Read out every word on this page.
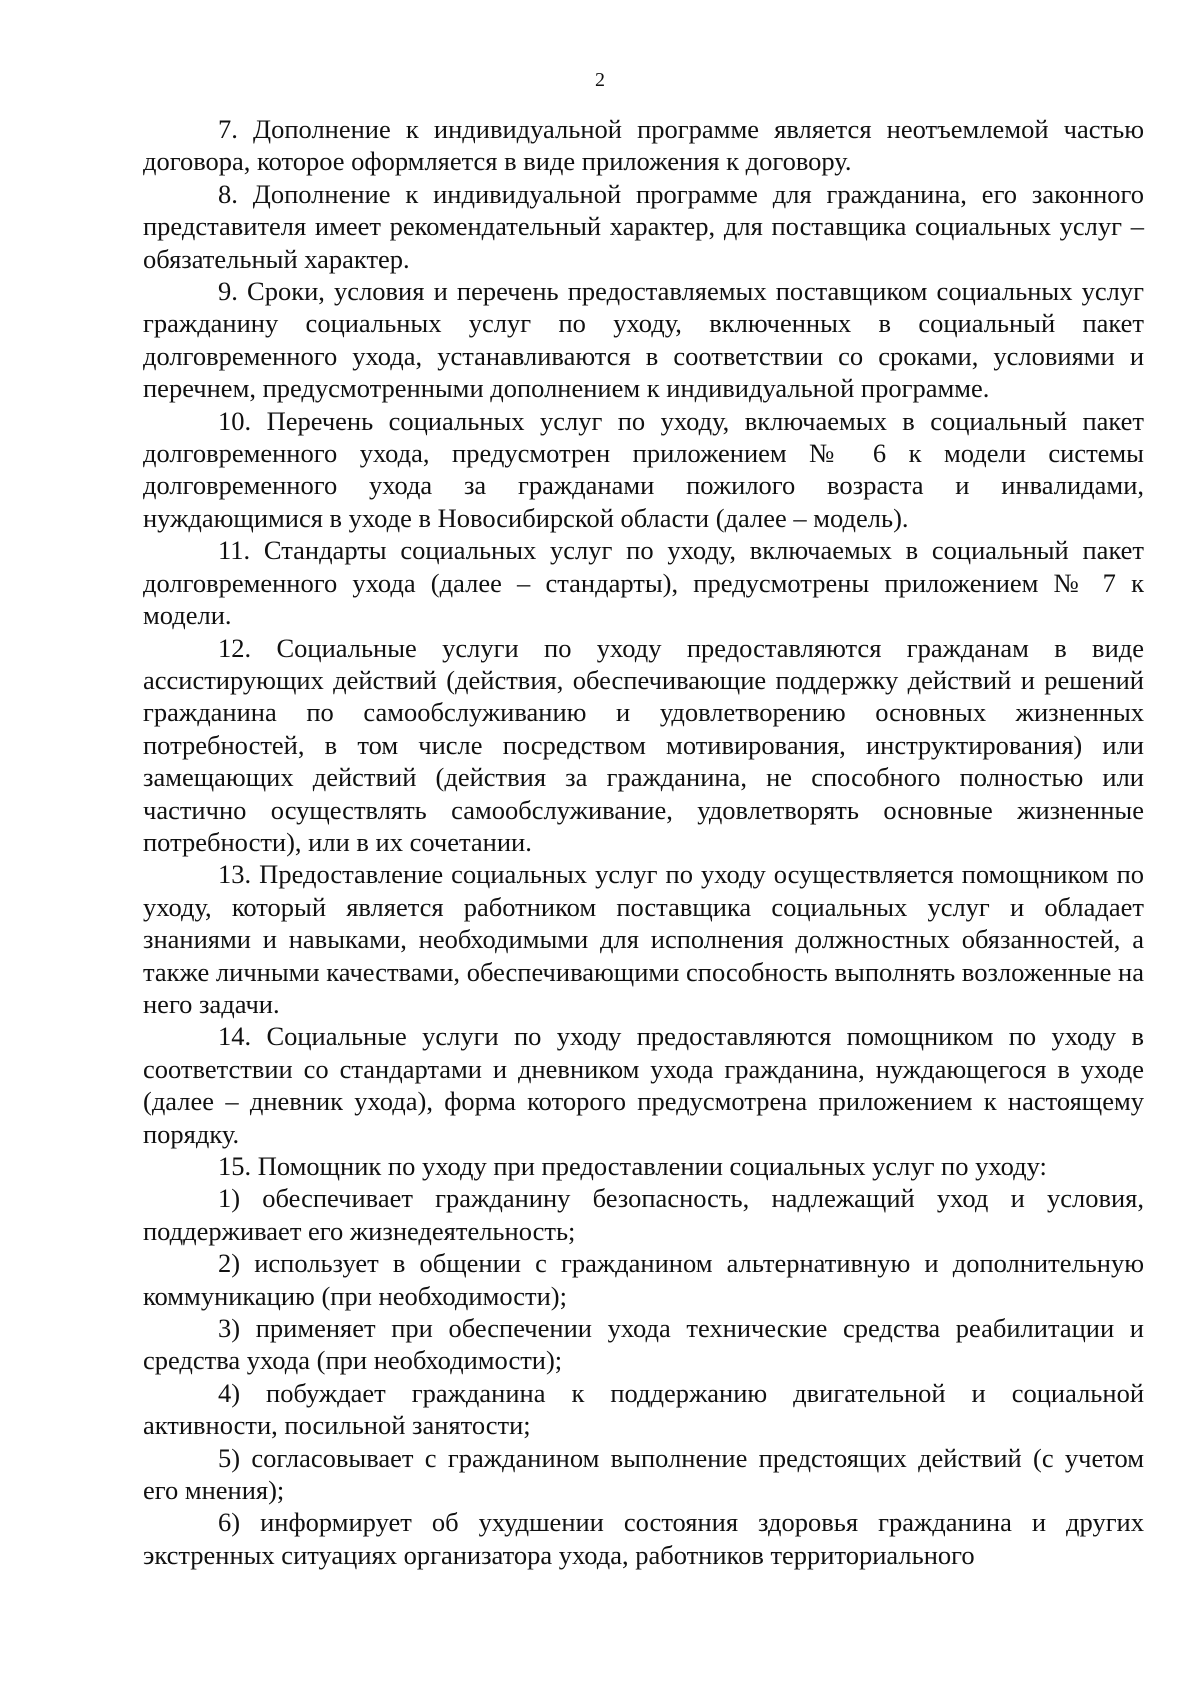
2

7. Дополнение к индивидуальной программе является неотъемлемой частью договора, которое оформляется в виде приложения к договору.

8. Дополнение к индивидуальной программе для гражданина, его законного представителя имеет рекомендательный характер, для поставщика социальных услуг – обязательный характер.

9. Сроки, условия и перечень предоставляемых поставщиком социальных услуг гражданину социальных услуг по уходу, включенных в социальный пакет долговременного ухода, устанавливаются в соответствии со сроками, условиями и перечнем, предусмотренными дополнением к индивидуальной программе.

10. Перечень социальных услуг по уходу, включаемых в социальный пакет долговременного ухода, предусмотрен приложением № 6 к модели системы долговременного ухода за гражданами пожилого возраста и инвалидами, нуждающимися в уходе в Новосибирской области (далее – модель).

11. Стандарты социальных услуг по уходу, включаемых в социальный пакет долговременного ухода (далее – стандарты), предусмотрены приложением № 7 к модели.

12. Социальные услуги по уходу предоставляются гражданам в виде ассистирующих действий (действия, обеспечивающие поддержку действий и решений гражданина по самообслуживанию и удовлетворению основных жизненных потребностей, в том числе посредством мотивирования, инструктирования) или замещающих действий (действия за гражданина, не способного полностью или частично осуществлять самообслуживание, удовлетворять основные жизненные потребности), или в их сочетании.

13. Предоставление социальных услуг по уходу осуществляется помощником по уходу, который является работником поставщика социальных услуг и обладает знаниями и навыками, необходимыми для исполнения должностных обязанностей, а также личными качествами, обеспечивающими способность выполнять возложенные на него задачи.

14. Социальные услуги по уходу предоставляются помощником по уходу в соответствии со стандартами и дневником ухода гражданина, нуждающегося в уходе (далее – дневник ухода), форма которого предусмотрена приложением к настоящему порядку.

15. Помощник по уходу при предоставлении социальных услуг по уходу:

1) обеспечивает гражданину безопасность, надлежащий уход и условия, поддерживает его жизнедеятельность;

2) использует в общении с гражданином альтернативную и дополнительную коммуникацию (при необходимости);

3) применяет при обеспечении ухода технические средства реабилитации и средства ухода (при необходимости);

4) побуждает гражданина к поддержанию двигательной и социальной активности, посильной занятости;

5) согласовывает с гражданином выполнение предстоящих действий (с учетом его мнения);

6) информирует об ухудшении состояния здоровья гражданина и других экстренных ситуациях организатора ухода, работников территориального
